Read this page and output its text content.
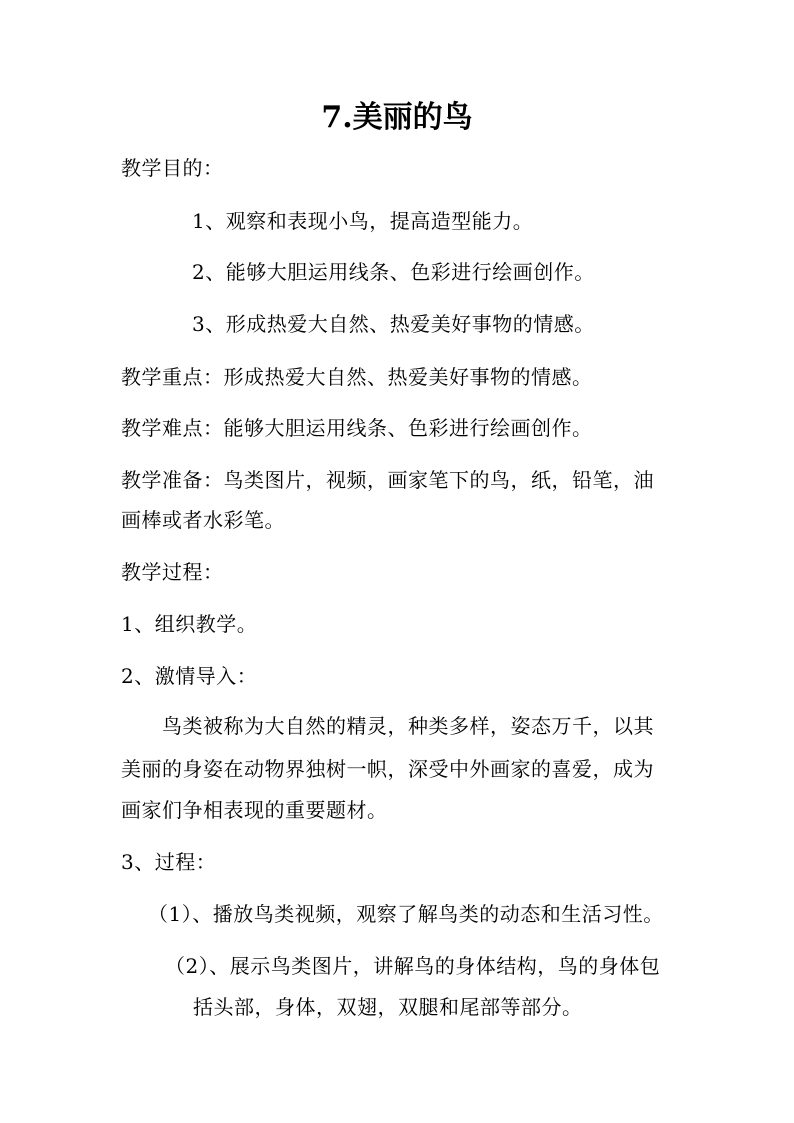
7.美丽的鸟
教学目的：
1、观察和表现小鸟，提高造型能力。
2、能够大胆运用线条、色彩进行绘画创作。
3、形成热爱大自然、热爱美好事物的情感。
教学重点：形成热爱大自然、热爱美好事物的情感。
教学难点：能够大胆运用线条、色彩进行绘画创作。
教学准备：鸟类图片，视频，画家笔下的鸟，纸，铅笔，油
画棒或者水彩笔。
教学过程：
1、组织教学。
2、激情导入：
鸟类被称为大自然的精灵，种类多样，姿态万千，以其
美丽的身姿在动物界独树一帜，深受中外画家的喜爱，成为
画家们争相表现的重要题材。
3、过程：
（1）、播放鸟类视频，观察了解鸟类的动态和生活习性。
（2）、展示鸟类图片，讲解鸟的身体结构，鸟的身体包
括头部，身体，双翅，双腿和尾部等部分。
